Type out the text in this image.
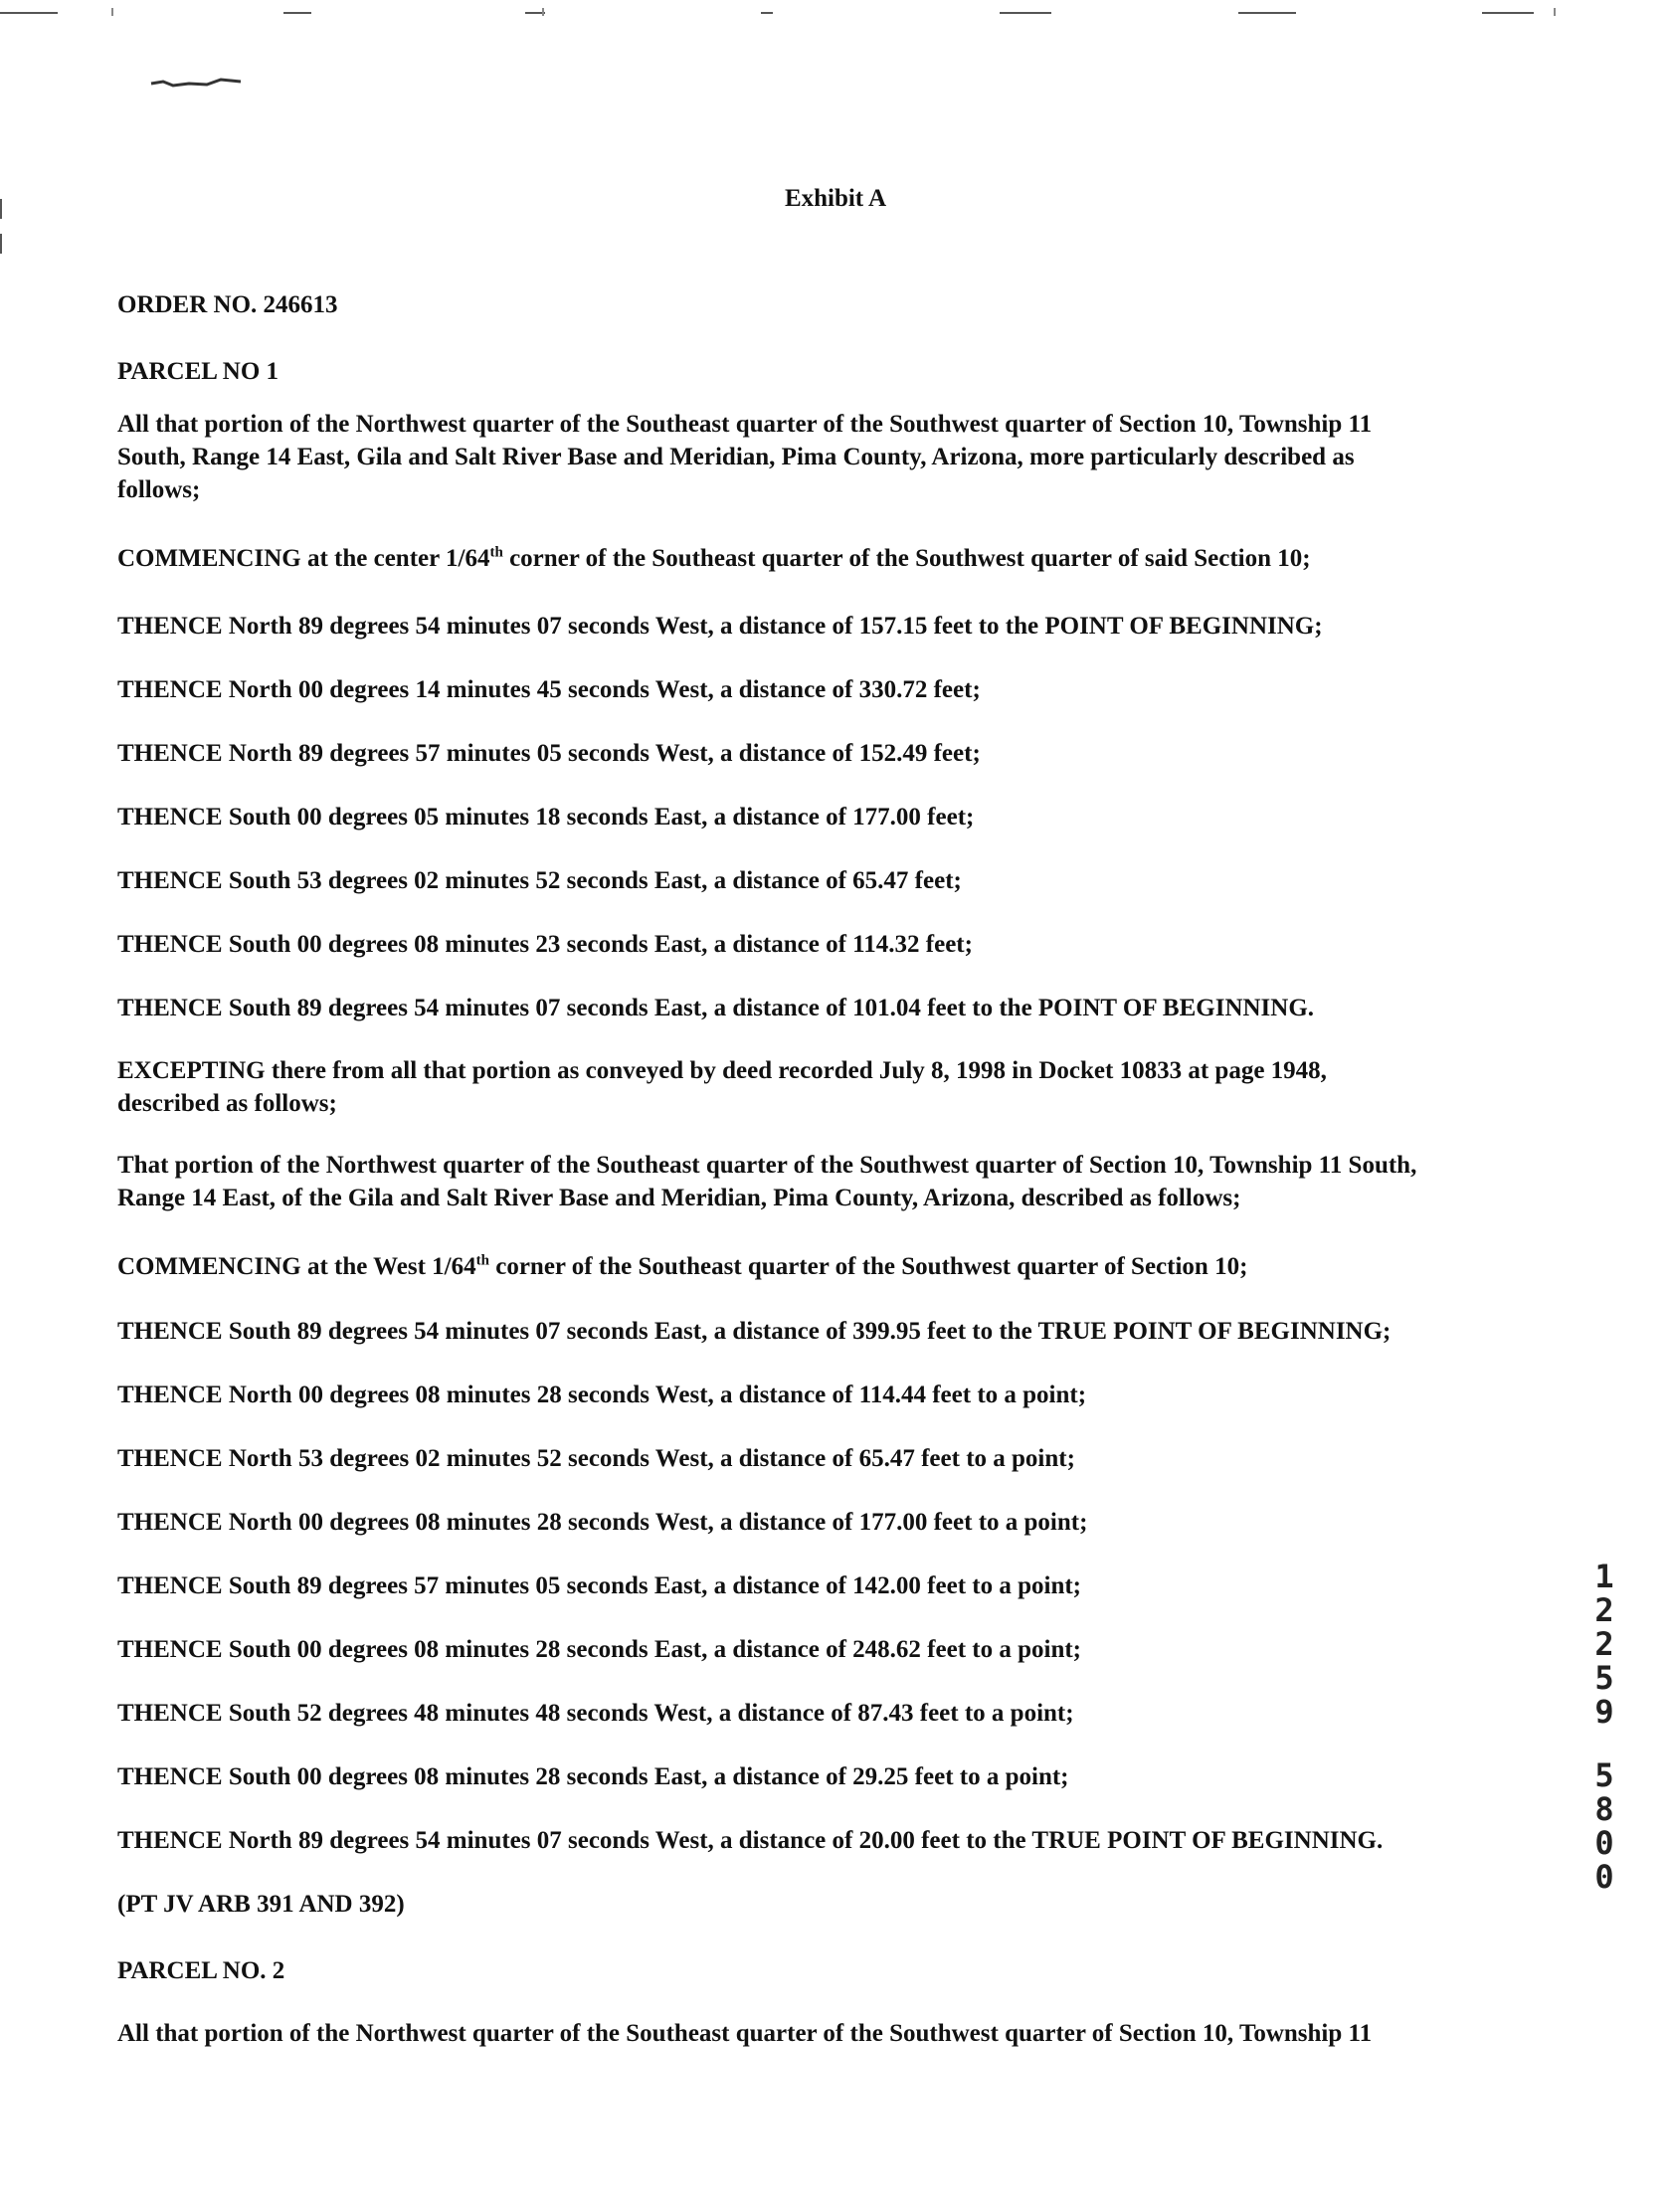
Exhibit A
ORDER NO. 246613
PARCEL NO 1
All that portion of the Northwest quarter of the Southeast quarter of the Southwest quarter of Section 10, Township 11
South, Range 14 East, Gila and Salt River Base and Meridian, Pima County, Arizona, more particularly described as
follows;
COMMENCING at the center 1/64th corner of the Southeast quarter of the Southwest quarter of said Section 10;
THENCE North 89 degrees 54 minutes 07 seconds West, a distance of 157.15 feet to the POINT OF BEGINNING;
THENCE North 00 degrees 14 minutes 45 seconds West, a distance of 330.72 feet;
THENCE North 89 degrees 57 minutes 05 seconds West, a distance of 152.49 feet;
THENCE South 00 degrees 05 minutes 18 seconds East, a distance of 177.00 feet;
THENCE South 53 degrees 02 minutes 52 seconds East, a distance of 65.47 feet;
THENCE South 00 degrees 08 minutes 23 seconds East, a distance of 114.32 feet;
THENCE South 89 degrees 54 minutes 07 seconds East, a distance of 101.04 feet to the POINT OF BEGINNING.
EXCEPTING there from all that portion as conveyed by deed recorded July 8, 1998 in Docket 10833 at page 1948,
described as follows;
That portion of the Northwest quarter of the Southeast quarter of the Southwest quarter of Section 10, Township 11 South,
Range 14 East, of the Gila and Salt River Base and Meridian, Pima County, Arizona, described as follows;
COMMENCING at the West 1/64th corner of the Southeast quarter of the Southwest quarter of Section 10;
THENCE South 89 degrees 54 minutes 07 seconds East, a distance of 399.95 feet to the TRUE POINT OF BEGINNING;
THENCE North 00 degrees 08 minutes 28 seconds West, a distance of 114.44 feet to a point;
THENCE North 53 degrees 02 minutes 52 seconds West, a distance of 65.47 feet to a point;
THENCE North 00 degrees 08 minutes 28 seconds West, a distance of 177.00 feet to a point;
THENCE South 89 degrees 57 minutes 05 seconds East, a distance of 142.00 feet to a point;
THENCE South 00 degrees 08 minutes 28 seconds East, a distance of 248.62 feet to a point;
THENCE South 52 degrees 48 minutes 48 seconds West, a distance of 87.43 feet to a point;
THENCE South 00 degrees 08 minutes 28 seconds East, a distance of 29.25 feet to a point;
THENCE North 89 degrees 54 minutes 07 seconds West, a distance of 20.00 feet to the TRUE POINT OF BEGINNING.
(PT JV ARB 391 AND 392)
PARCEL NO. 2
All that portion of the Northwest quarter of the Southeast quarter of the Southwest quarter of Section 10, Township 11
1
2
2
5
9
5
8
0
0
